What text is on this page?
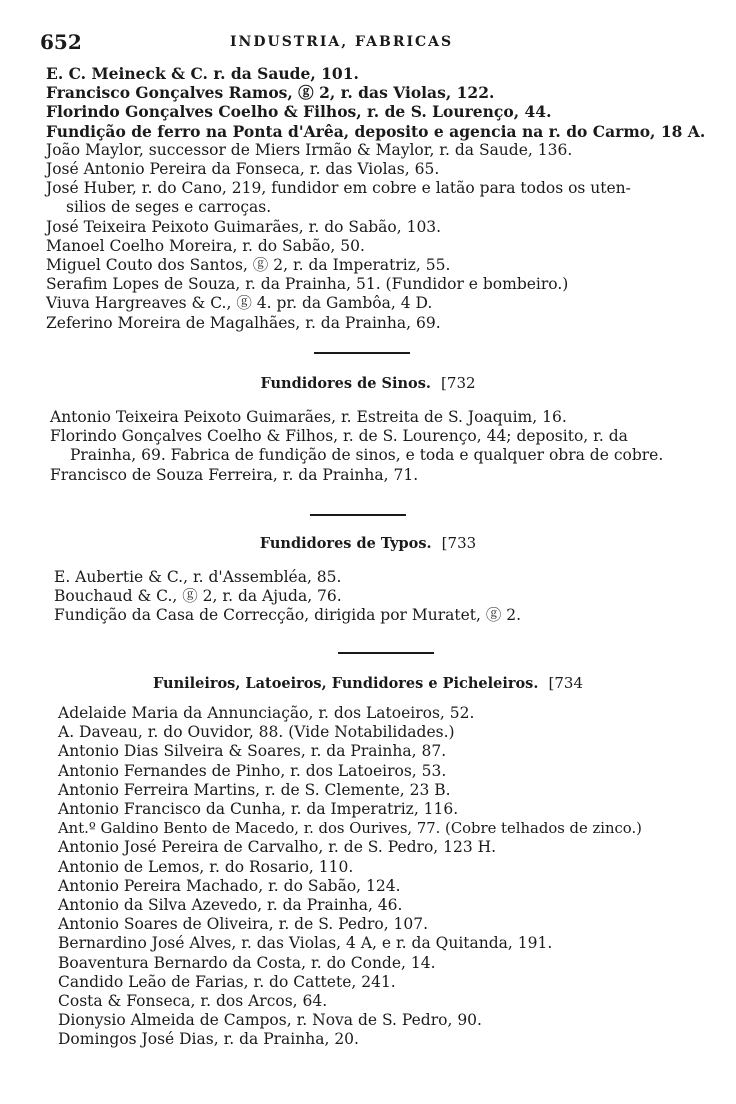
652	INDUSTRIA, FABRICAS
E. C. Meineck & C. r. da Saude, 101.
Francisco Gonçalves Ramos, ⓖ 2, r. das Violas, 122.
Florindo Gonçalves Coelho & Filhos, r. de S. Lourenço, 44.
Fundição de ferro na Ponta d'Arêa, deposito e agencia na r. do Carmo, 18 A.
João Maylor, successor de Miers Irmão & Maylor, r. da Saude, 136.
José Antonio Pereira da Fonseca, r. das Violas, 65.
José Huber, r. do Cano, 219, fundidor em cobre e latão para todos os uten-
silios de seges e carroças.
José Teixeira Peixoto Guimarães, r. do Sabão, 103.
Manoel Coelho Moreira, r. do Sabão, 50.
Miguel Couto dos Santos, ⓖ 2, r. da Imperatriz, 55.
Serafim Lopes de Souza, r. da Prainha, 51. (Fundidor e bombeiro.)
Viuva Hargreaves & C., ⓖ 4. pr. da Gambôa, 4 D.
Zeferino Moreira de Magalhães, r. da Prainha, 69.
Fundidores de Sinos. [732
Antonio Teixeira Peixoto Guimarães, r. Estreita de S. Joaquim, 16.
Florindo Gonçalves Coelho & Filhos, r. de S. Lourenço, 44; deposito, r. da
Prainha, 69. Fabrica de fundição de sinos, e toda e qualquer obra de cobre.
Francisco de Souza Ferreira, r. da Prainha, 71.
Fundidores de Typos. [733
E. Aubertie & C., r. d'Assembléa, 85.
Bouchaud & C., ⓖ 2, r. da Ajuda, 76.
Fundição da Casa de Correcção, dirigida por Muratet, ⓖ 2.
Funileiros, Latoeiros, Fundidores e Picheleiros. [734
Adelaide Maria da Annunciação, r. dos Latoeiros, 52.
A. Daveau, r. do Ouvidor, 88. (Vide Notabilidades.)
Antonio Dias Silveira & Soares, r. da Prainha, 87.
Antonio Fernandes de Pinho, r. dos Latoeiros, 53.
Antonio Ferreira Martins, r. de S. Clemente, 23 B.
Antonio Francisco da Cunha, r. da Imperatriz, 116.
Ant.º Galdino Bento de Macedo, r. dos Ourives, 77. (Cobre telhados de zinco.)
Antonio José Pereira de Carvalho, r. de S. Pedro, 123 H.
Antonio de Lemos, r. do Rosario, 110.
Antonio Pereira Machado, r. do Sabão, 124.
Antonio da Silva Azevedo, r. da Prainha, 46.
Antonio Soares de Oliveira, r. de S. Pedro, 107.
Bernardino José Alves, r. das Violas, 4 A, e r. da Quitanda, 191.
Boaventura Bernardo da Costa, r. do Conde, 14.
Candido Leão de Farias, r. do Cattete, 241.
Costa & Fonseca, r. dos Arcos, 64.
Dionysio Almeida de Campos, r. Nova de S. Pedro, 90.
Domingos José Dias, r. da Prainha, 20.
